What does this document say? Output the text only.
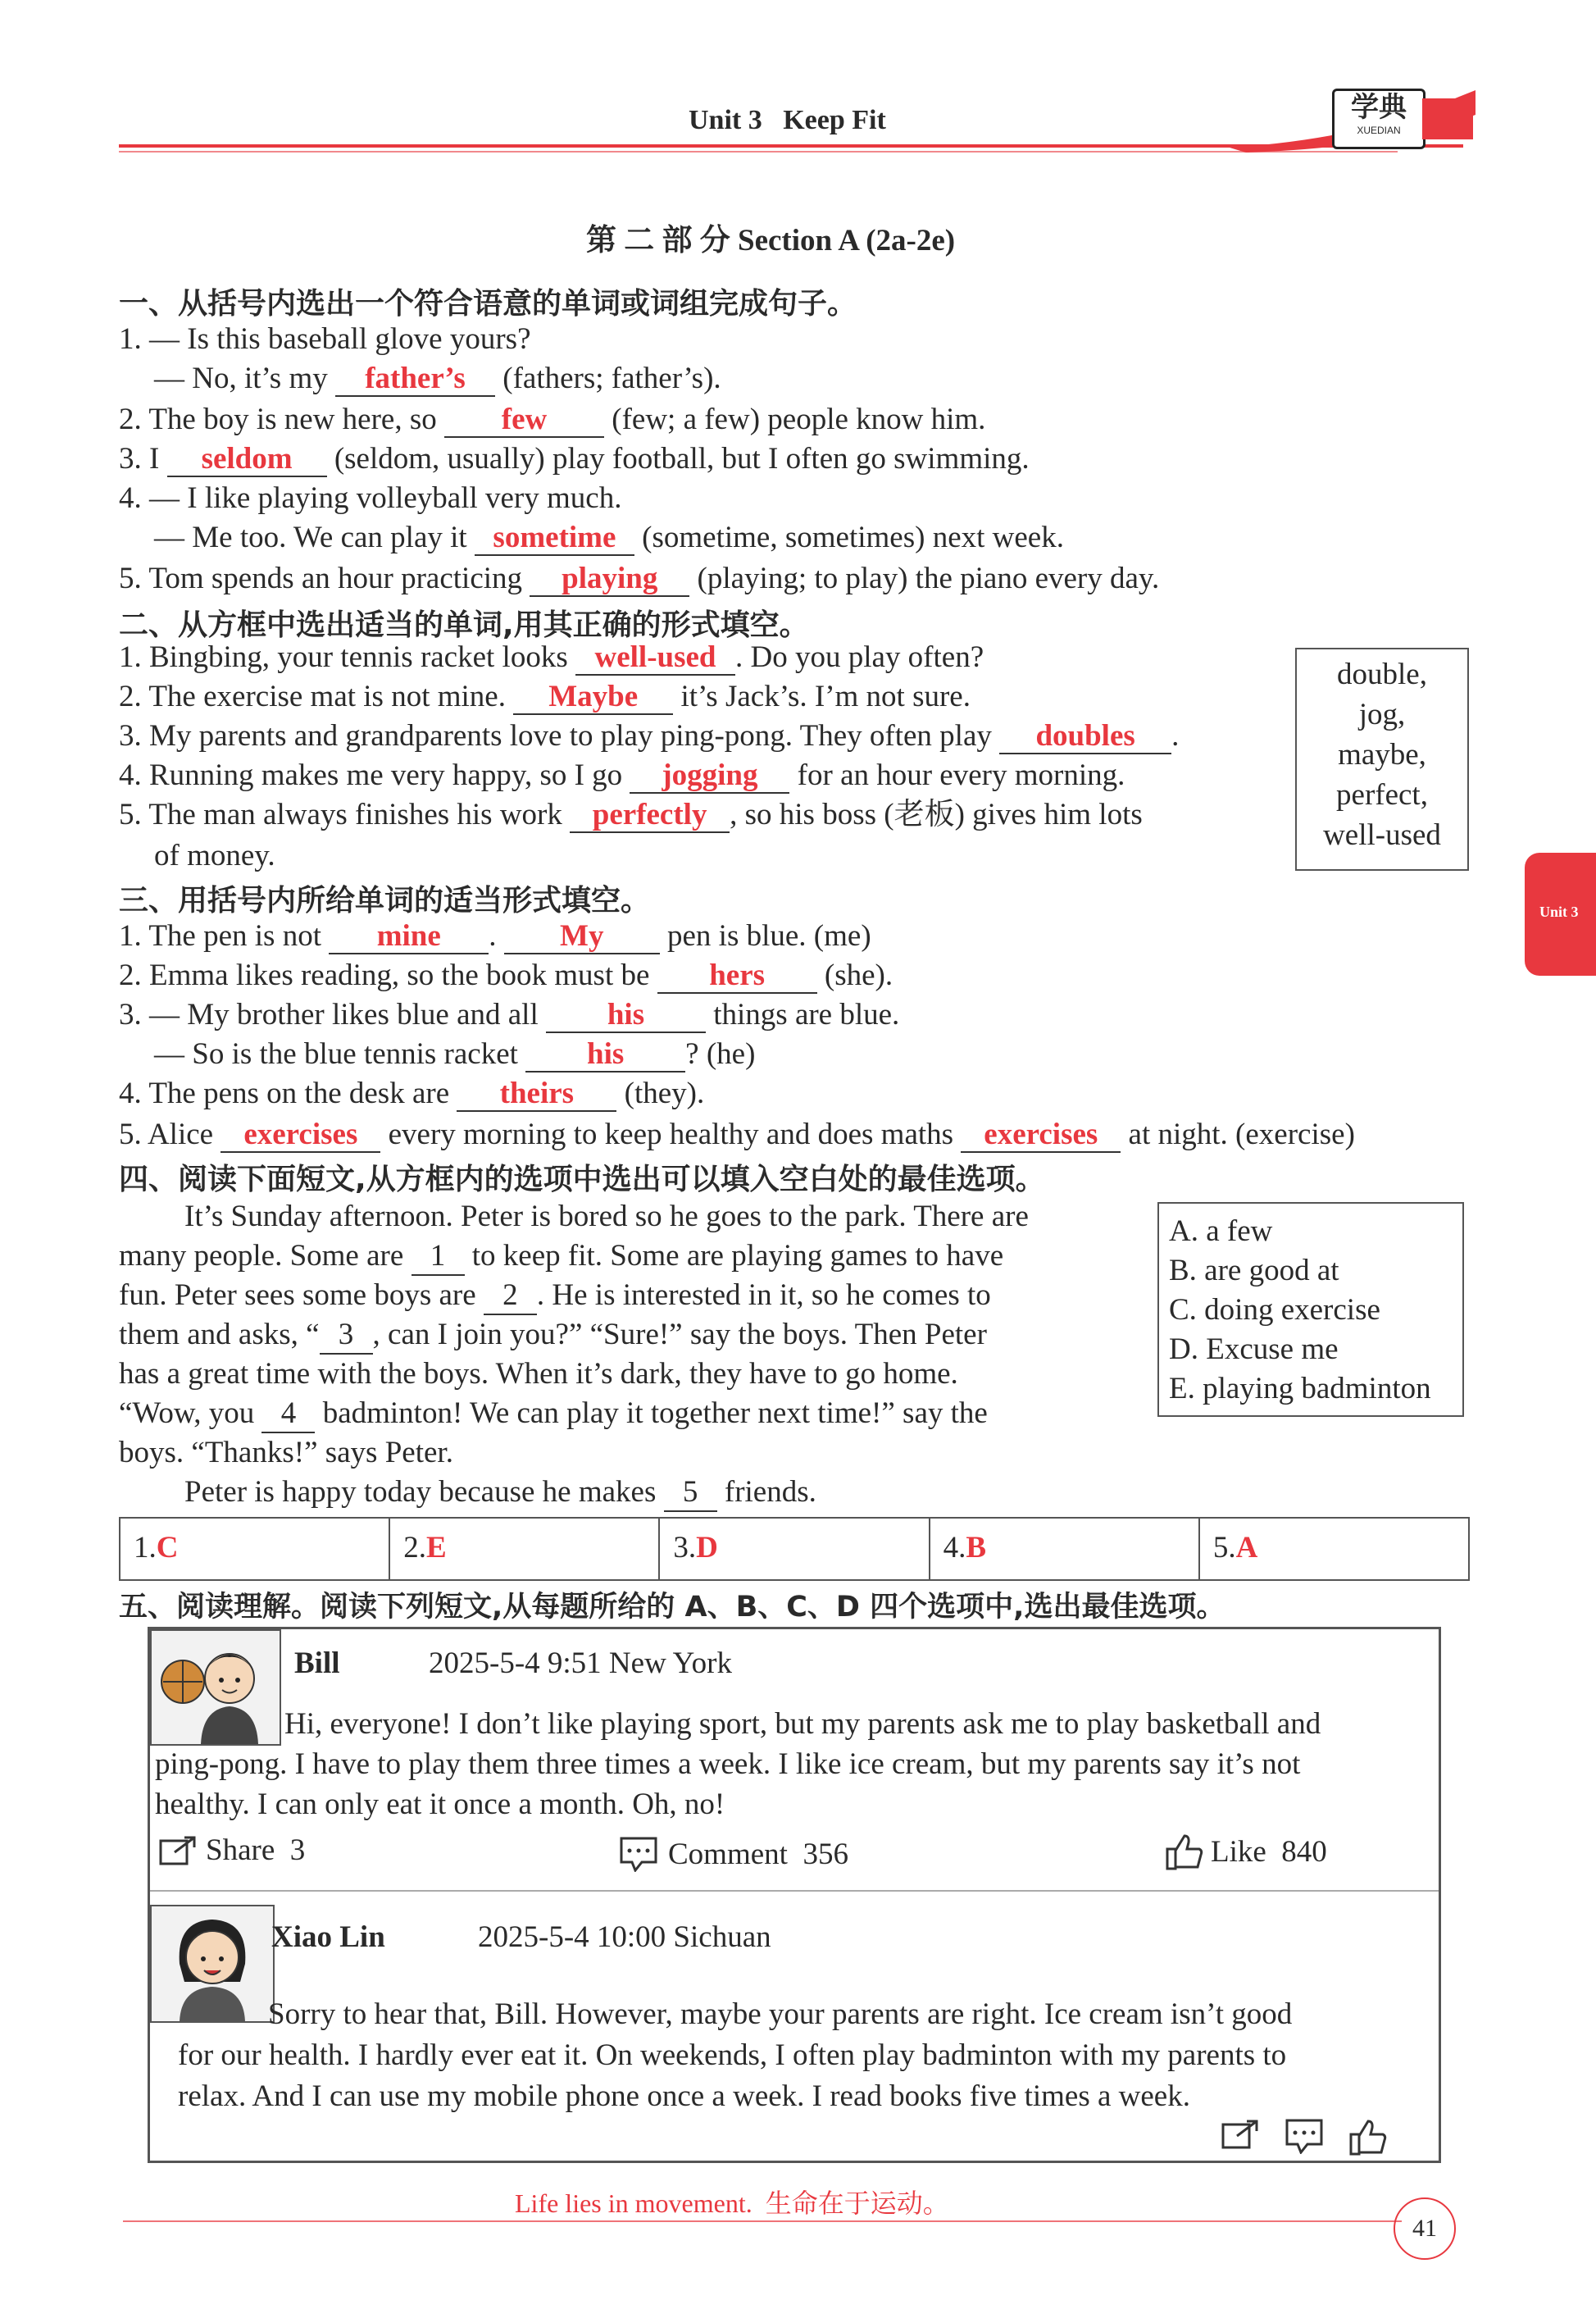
Unit 3   Keep Fit	学典
XUEDIAN
第 二 部 分 Section A (2a-2e)
Unit 3
一、从括号内选出一个符合语意的单词或词组完成句子。
1. — Is this baseball glove yours?
— No, it’s my father’s (fathers; father’s).
2. The boy is new here, so few (few; a few) people know him.
3. I seldom (seldom, usually) play football, but I often go swimming.
4. — I like playing volleyball very much.
— Me too. We can play it sometime (sometime, sometimes) next week.
5. Tom spends an hour practicing playing (playing; to play) the piano every day.
二、从方框中选出适当的单词,用其正确的形式填空。
double,
jog,
maybe,
perfect,
well-used
1. Bingbing, your tennis racket looks well-used . Do you play often?
2. The exercise mat is not mine. Maybe it’s Jack’s. I’m not sure.
3. My parents and grandparents love to play ping-pong. They often play doubles .
4. Running makes me very happy, so I go jogging for an hour every morning.
5. The man always finishes his work perfectly , so his boss (老板) gives him lots
of money.
三、用括号内所给单词的适当形式填空。
1. The pen is not mine . My pen is blue. (me)
2. Emma likes reading, so the book must be hers (she).
3. — My brother likes blue and all his things are blue.
— So is the blue tennis racket his ? (he)
4. The pens on the desk are theirs (they).
5. Alice exercises every morning to keep healthy and does maths exercises at night. (exercise)
四、阅读下面短文,从方框内的选项中选出可以填入空白处的最佳选项。
It’s Sunday afternoon. Peter is bored so he goes to the park. There are
many people. Some are 1 to keep fit. Some are playing games to have
fun. Peter sees some boys are 2 . He is interested in it, so he comes to
them and asks, “ 3 , can I join you?” “Sure!” say the boys. Then Peter
has a great time with the boys. When it’s dark, they have to go home.
“Wow, you 4 badminton! We can play it together next time!” say the
boys. “Thanks!” says Peter.
Peter is happy today because he makes 5 friends.
A. a few
B. are good at
C. doing exercise
D. Excuse me
E. playing badminton
1.C	2.E	3.D	4.B	5.A
五、阅读理解。阅读下列短文,从每题所给的 A、B、C、D 四个选项中,选出最佳选项。
Bill	2025-5-4 9:51 New York
Hi, everyone! I don’t like playing sport, but my parents ask me to play basketball and
ping-pong. I have to play them three times a week. I like ice cream, but my parents say it’s not
healthy. I can only eat it once a month. Oh, no!
Share  3	Comment  356	Like  840
Xiao Lin	2025-5-4 10:00 Sichuan
Sorry to hear that, Bill. However, maybe your parents are right. Ice cream isn’t good
for our health. I hardly ever eat it. On weekends, I often play badminton with my parents to
relax. And I can use my mobile phone once a week. I read books five times a week.
Life lies in movement.  生命在于运动。
41
